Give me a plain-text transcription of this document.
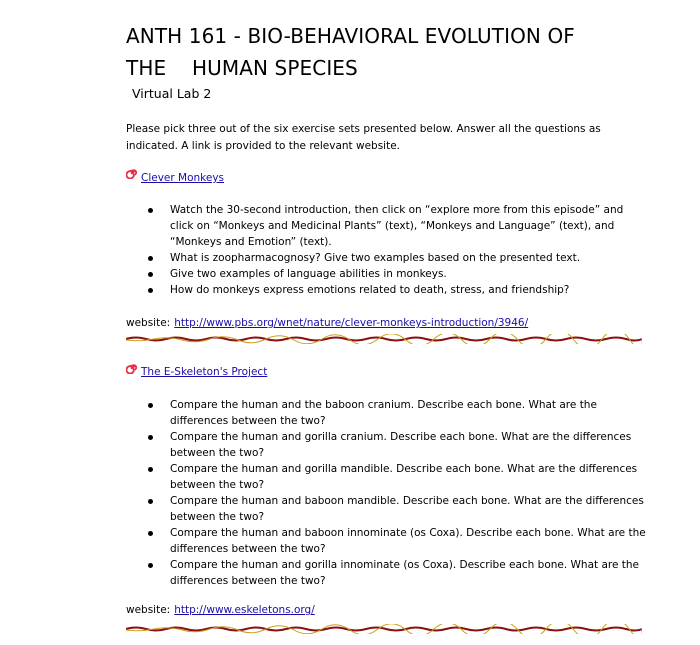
ANTH 161 - BIO-BEHAVIORAL EVOLUTION OF
THE    HUMAN SPECIES
Virtual Lab 2
Please pick three out of the six exercise sets presented below. Answer all the questions as indicated. A link is provided to the relevant website.
Clever Monkeys
Watch the 30-second introduction, then click on “explore more from this episode” and click on “Monkeys and Medicinal Plants” (text), “Monkeys and Language” (text), and “Monkeys and Emotion” (text).
What is zoopharmacognosy? Give two examples based on the presented text.
Give two examples of language abilities in monkeys.
How do monkeys express emotions related to death, stress, and friendship?
website: http://www.pbs.org/wnet/nature/clever-monkeys-introduction/3946/
The E-Skeleton's Project
Compare the human and the baboon cranium. Describe each bone. What are the differences between the two?
Compare the human and gorilla cranium. Describe each bone. What are the differences between the two?
Compare the human and gorilla mandible. Describe each bone. What are the differences between the two?
Compare the human and baboon mandible. Describe each bone. What are the differences between the two?
Compare the human and baboon innominate (os Coxa). Describe each bone. What are the differences between the two?
Compare the human and gorilla innominate (os Coxa). Describe each bone. What are the differences between the two?
website: http://www.eskeletons.org/
